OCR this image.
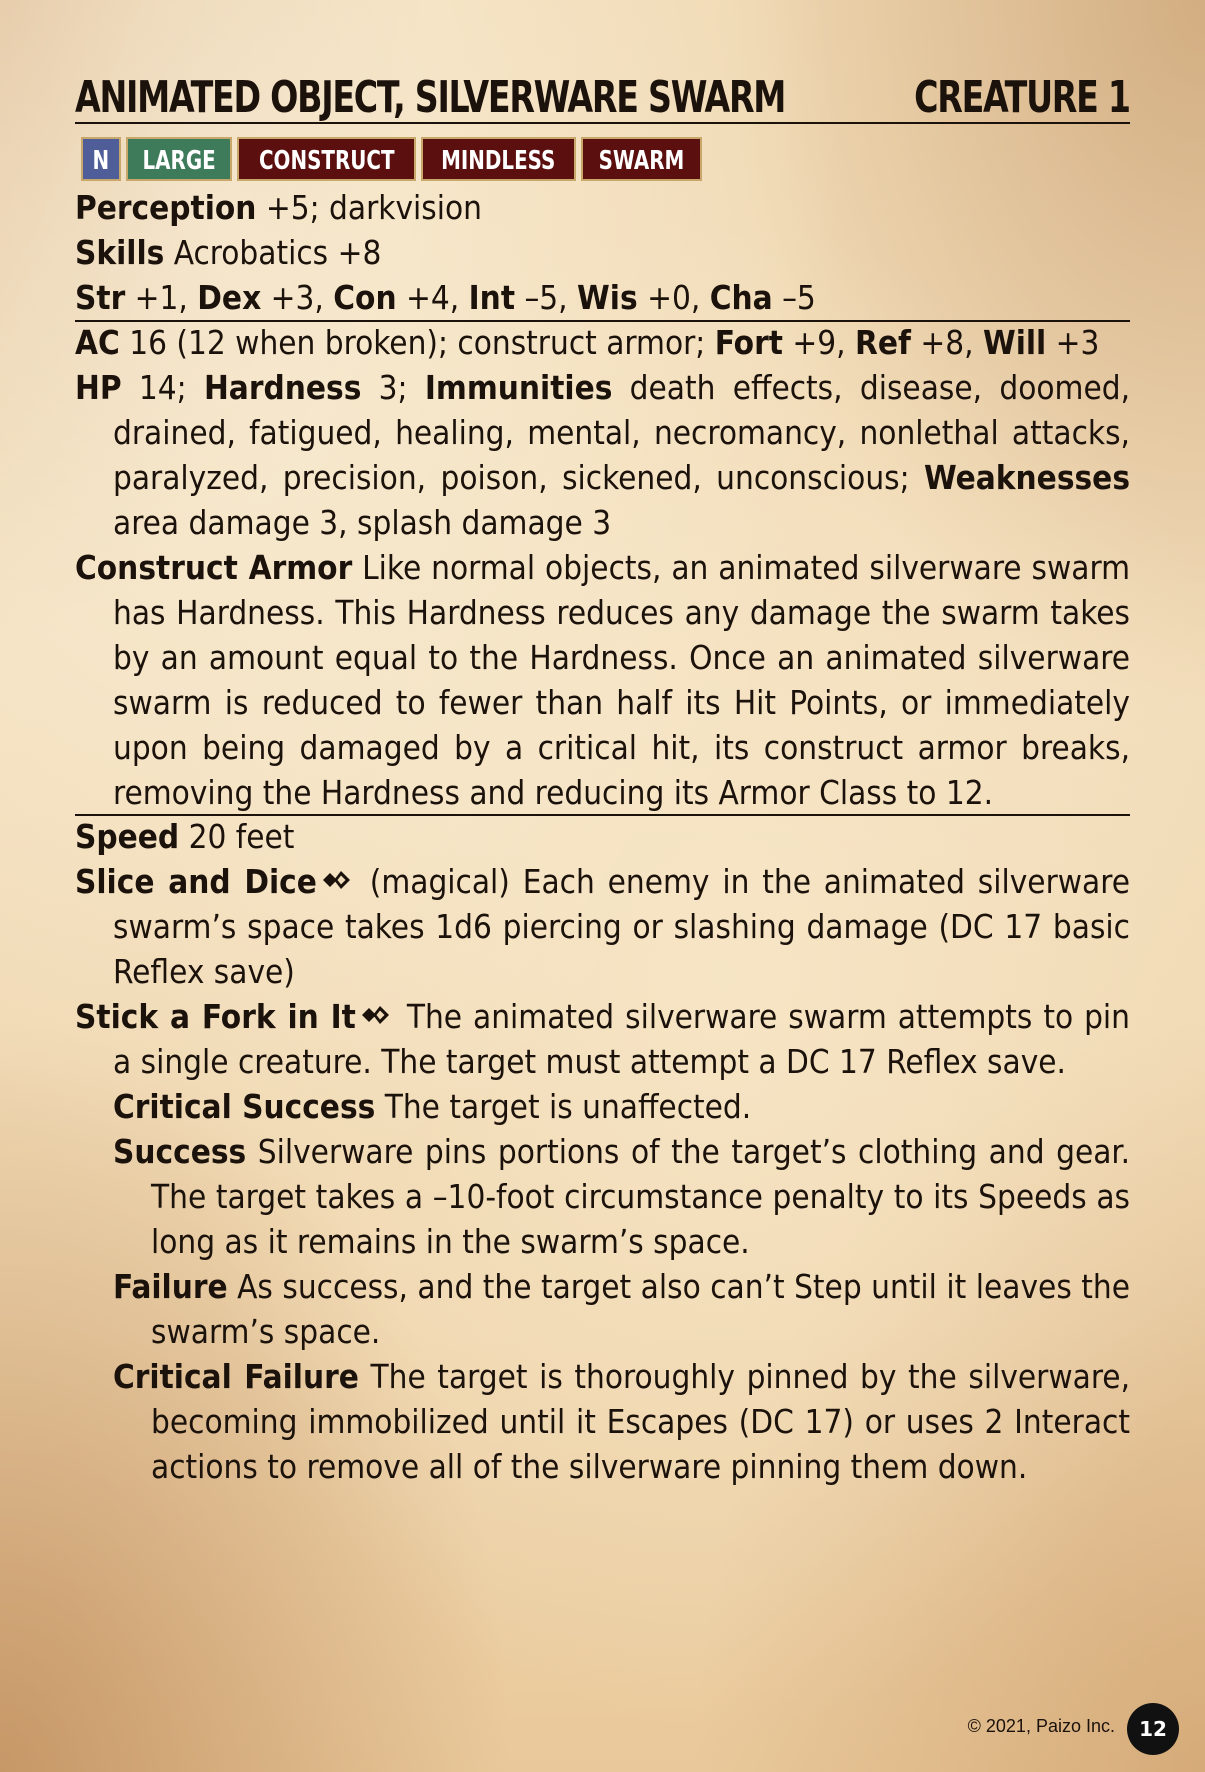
ANIMATED OBJECT, SILVERWARE SWARM	CREATURE 1
N	LARGE	CONSTRUCT	MINDLESS	SWARM
Perception +5; darkvision
Skills Acrobatics +8
Str +1, Dex +3, Con +4, Int –5, Wis +0, Cha –5
AC 16 (12 when broken); construct armor; Fort +9, Ref +8, Will +3
HP 14; Hardness 3; Immunities death effects, disease, doomed, drained, fatigued, healing, mental, necromancy, nonlethal attacks, paralyzed, precision, poison, sickened, unconscious; Weaknesses area damage 3, splash damage 3
Construct Armor Like normal objects, an animated silverware swarm has Hardness. This Hardness reduces any damage the swarm takes by an amount equal to the Hardness. Once an animated silverware swarm is reduced to fewer than half its Hit Points, or immediately upon being damaged by a critical hit, its construct armor breaks, removing the Hardness and reducing its Armor Class to 12.
Speed 20 feet
Slice and Dice (magical) Each enemy in the animated silverware swarm’s space takes 1d6 piercing or slashing damage (DC 17 basic Reflex save)
Stick a Fork in It The animated silverware swarm attempts to pin a single creature. The target must attempt a DC 17 Reflex save.
Critical Success The target is unaffected.
Success Silverware pins portions of the target’s clothing and gear. The target takes a –10-foot circumstance penalty to its Speeds as long as it remains in the swarm’s space.
Failure As success, and the target also can’t Step until it leaves the swarm’s space.
Critical Failure The target is thoroughly pinned by the silverware, becoming immobilized until it Escapes (DC 17) or uses 2 Interact actions to remove all of the silverware pinning them down.
© 2021, Paizo Inc.	12
